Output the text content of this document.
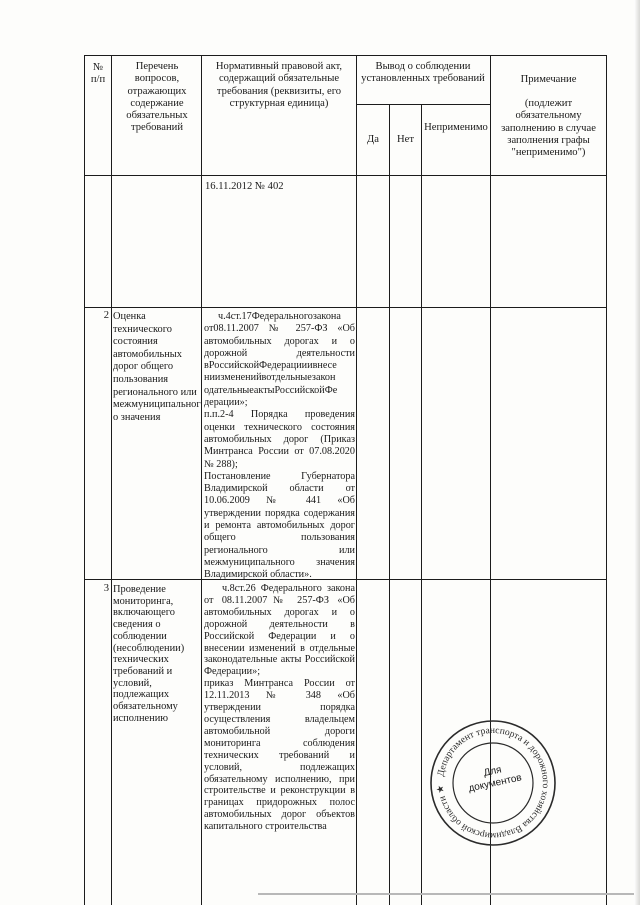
№
п/п
Перечень
вопросов,
отражающих
содержание
обязательных
требований
Нормативный правовой акт,
содержащий обязательные
требования (реквизиты, его
структурная единица)
Вывод о соблюдении
установленных требований
Да	Нет
Неприменимо
Примечание
(подлежит
обязательному
заполнению в случае
заполнения графы
"неприменимо")
16.11.2012 № 402
2 Оценка
технического
состояния
автомобильных
дорог общего
пользования
регионального или
межмуниципальног
о значения
ч.4ст.17Федеральногозакона от08.11.2007 № 257-ФЗ «Об автомобильных дорогах и о дорожной деятельности вРоссийскойФедерацииивнесе ниизмененийвотдельныезакон одательныеактыРоссийскойФе дерации»;
п.п.2-4 Порядка проведения оценки технического состояния автомобильных дорог (Приказ Минтранса России от 07.08.2020 № 288);
Постановление Губернатора Владимирской области от 10.06.2009 № 441 «Об утверждении порядка содержания и ремонта автомобильных дорог общего пользования регионального или межмуниципального значения Владимирской области».
3 Проведение
мониторинга,
включающего
сведения о
соблюдении
(несоблюдении)
технических
требований и
условий,
подлежащих
обязательному
исполнению
ч.8ст.26 Федерального закона от 08.11.2007№ 257-ФЗ «Об автомобильных дорогах и о дорожной деятельности в Российской Федерации и о внесении изменений в отдельные законодательные акты Российской Федерации»;
приказ Минтранса России от 12.11.2013 № 348 «Об утверждении порядка осуществления владельцем автомобильной дороги мониторинга соблюдения технических требований и условий, подлежащих обязательному исполнению, при строительстве и реконструкции в границах придорожных полос автомобильных дорог объектов капитального строительства
Департамент транспорта и дорожного хозяйства Владимирской области ★
Для
документов
